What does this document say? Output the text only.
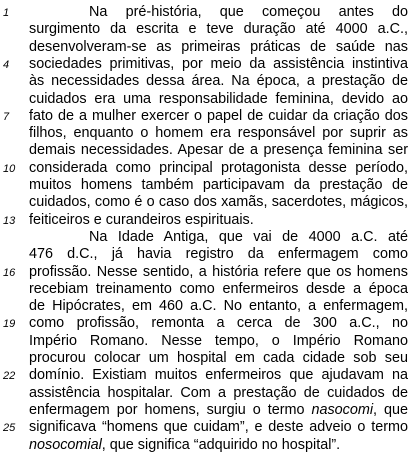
1	Na pré-história, que começou antes do
surgimento da escrita e teve duração até 4000 a.C.,
desenvolveram-se as primeiras práticas de saúde nas
4	sociedades primitivas, por meio da assistência instintiva
às necessidades dessa área. Na época, a prestação de
cuidados era uma responsabilidade feminina, devido ao
7	fato de a mulher exercer o papel de cuidar da criação dos
filhos, enquanto o homem era responsável por suprir as
demais necessidades. Apesar de a presença feminina ser
10 considerada como principal protagonista desse período,
muitos homens também participavam da prestação de
cuidados, como é o caso dos xamãs, sacerdotes, mágicos,
13 feiticeiros e curandeiros espirituais.
Na Idade Antiga, que vai de 4000 a.C. até
476 d.C., já havia registro da enfermagem como
16 profissão. Nesse sentido, a história refere que os homens
recebiam treinamento como enfermeiros desde a época
de Hipócrates, em 460 a.C. No entanto, a enfermagem,
19 como profissão, remonta a cerca de 300 a.C., no
Império Romano. Nesse tempo, o Império Romano
procurou colocar um hospital em cada cidade sob seu
22 domínio. Existiam muitos enfermeiros que ajudavam na
assistência hospitalar. Com a prestação de cuidados de
enfermagem por homens, surgiu o termo nasocomi, que
25 significava “homens que cuidam”, e deste adveio o termo
nosocomial, que significa “adquirido no hospital”.
